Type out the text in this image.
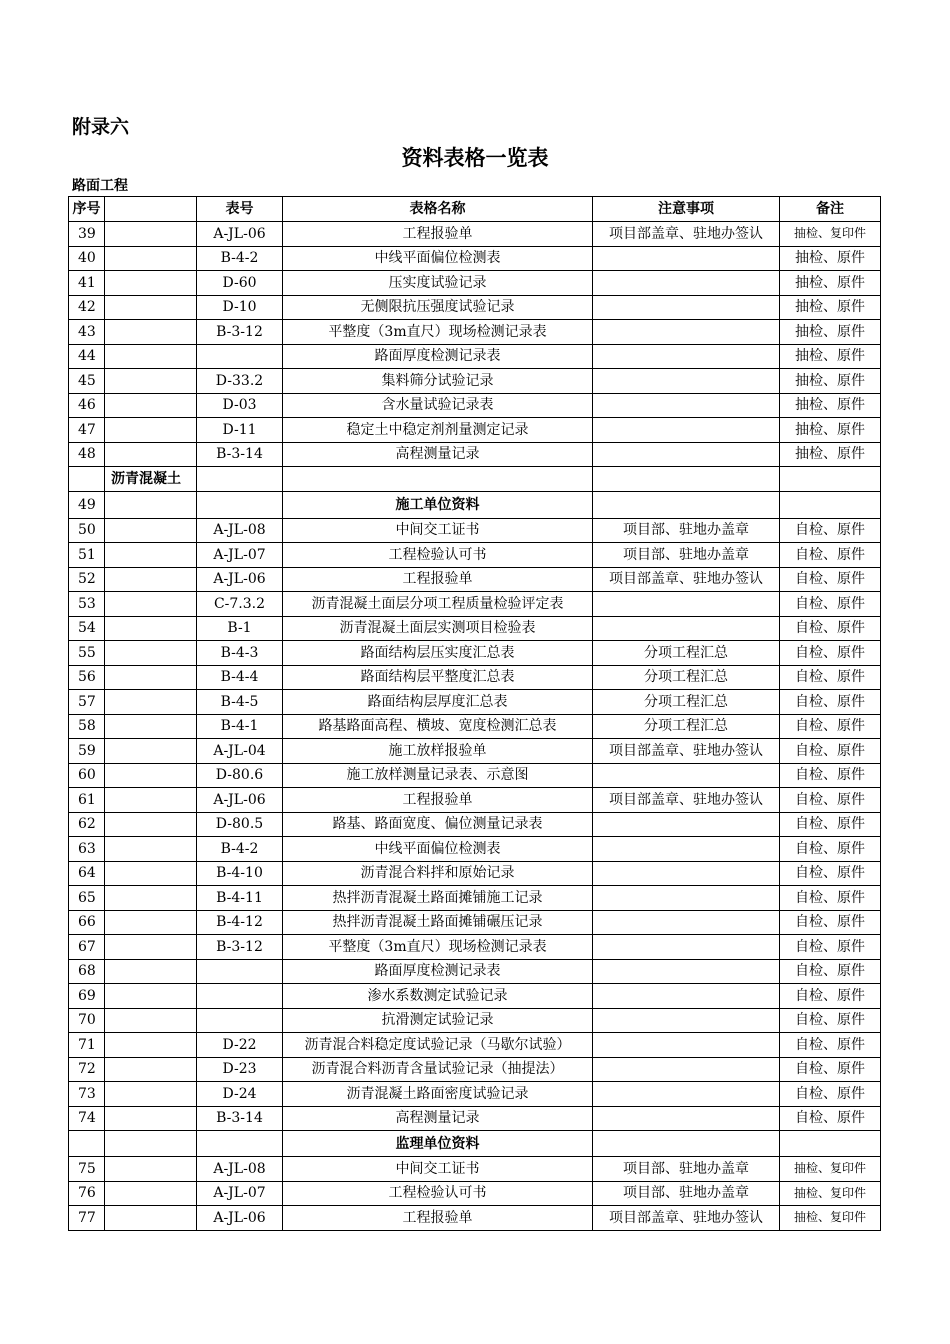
附录六
资料表格一览表
路面工程
序号		表号	表格名称	注意事项	备注
39		A-JL-06	工程报验单	项目部盖章、驻地办签认	抽检、复印件
40		B-4-2	中线平面偏位检测表		抽检、原件
41		D-60	压实度试验记录		抽检、原件
42		D-10	无侧限抗压强度试验记录		抽检、原件
43		B-3-12	平整度（3m直尺）现场检测记录表		抽检、原件
44			路面厚度检测记录表		抽检、原件
45		D-33.2	集料筛分试验记录		抽检、原件
46		D-03	含水量试验记录表		抽检、原件
47		D-11	稳定土中稳定剂剂量测定记录		抽检、原件
48		B-3-14	高程测量记录		抽检、原件
	沥青混凝土				
49			施工单位资料		
50		A-JL-08	中间交工证书	项目部、驻地办盖章	自检、原件
51		A-JL-07	工程检验认可书	项目部、驻地办盖章	自检、原件
52		A-JL-06	工程报验单	项目部盖章、驻地办签认	自检、原件
53		C-7.3.2	沥青混凝土面层分项工程质量检验评定表		自检、原件
54		B-1	沥青混凝土面层实测项目检验表		自检、原件
55		B-4-3	路面结构层压实度汇总表	分项工程汇总	自检、原件
56		B-4-4	路面结构层平整度汇总表	分项工程汇总	自检、原件
57		B-4-5	路面结构层厚度汇总表	分项工程汇总	自检、原件
58		B-4-1	路基路面高程、横坡、宽度检测汇总表	分项工程汇总	自检、原件
59		A-JL-04	施工放样报验单	项目部盖章、驻地办签认	自检、原件
60		D-80.6	施工放样测量记录表、示意图		自检、原件
61		A-JL-06	工程报验单	项目部盖章、驻地办签认	自检、原件
62		D-80.5	路基、路面宽度、偏位测量记录表		自检、原件
63		B-4-2	中线平面偏位检测表		自检、原件
64		B-4-10	沥青混合料拌和原始记录		自检、原件
65		B-4-11	热拌沥青混凝土路面摊铺施工记录		自检、原件
66		B-4-12	热拌沥青混凝土路面摊铺碾压记录		自检、原件
67		B-3-12	平整度（3m直尺）现场检测记录表		自检、原件
68			路面厚度检测记录表		自检、原件
69			渗水系数测定试验记录		自检、原件
70			抗滑测定试验记录		自检、原件
71		D-22	沥青混合料稳定度试验记录（马歇尔试验）		自检、原件
72		D-23	沥青混合料沥青含量试验记录（抽提法）		自检、原件
73		D-24	沥青混凝土路面密度试验记录		自检、原件
74		B-3-14	高程测量记录		自检、原件
			监理单位资料		
75		A-JL-08	中间交工证书	项目部、驻地办盖章	抽检、复印件
76		A-JL-07	工程检验认可书	项目部、驻地办盖章	抽检、复印件
77		A-JL-06	工程报验单	项目部盖章、驻地办签认	抽检、复印件
